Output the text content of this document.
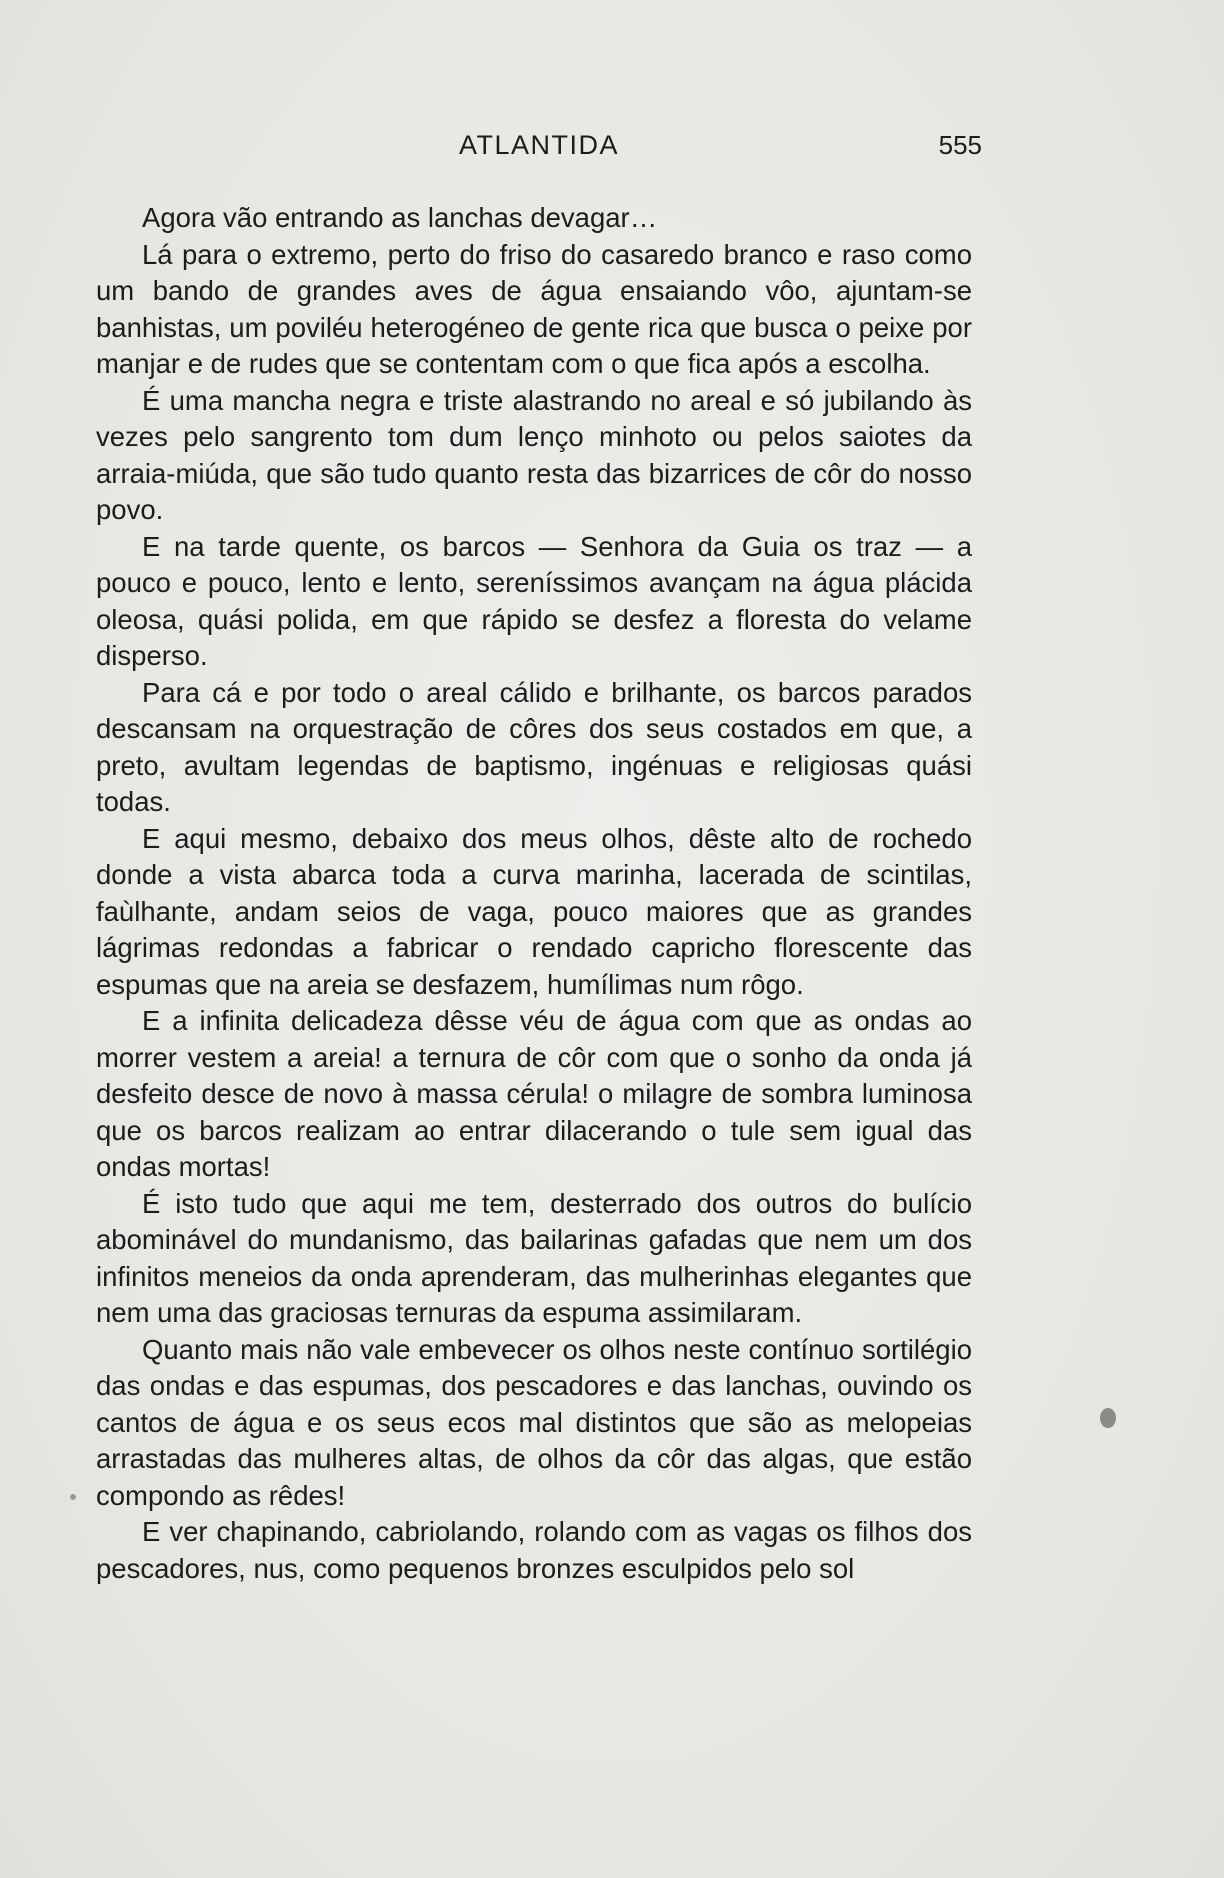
ATLANTIDA	555

Agora vão entrando as lanchas devagar…

Lá para o extremo, perto do friso do casaredo branco e raso como um bando de grandes aves de água ensaiando vôo, ajuntam-se banhistas, um poviléu heterogéneo de gente rica que busca o peixe por manjar e de rudes que se contentam com o que fica após a escolha.

É uma mancha negra e triste alastrando no areal e só jubilando às vezes pelo sangrento tom dum lenço minhoto ou pelos saiotes da arraia-miúda, que são tudo quanto resta das bizarrices de côr do nosso povo.

E na tarde quente, os barcos — Senhora da Guia os traz — a pouco e pouco, lento e lento, sereníssimos avançam na água plácida oleosa, quási polida, em que rápido se desfez a floresta do velame disperso.

Para cá e por todo o areal cálido e brilhante, os barcos parados descansam na orquestração de côres dos seus costados em que, a preto, avultam legendas de baptismo, ingénuas e religiosas quási todas.

E aqui mesmo, debaixo dos meus olhos, dêste alto de rochedo donde a vista abarca toda a curva marinha, lacerada de scintilas, faùlhante, andam seios de vaga, pouco maiores que as grandes lágrimas redondas a fabricar o rendado capricho florescente das espumas que na areia se desfazem, humílimas num rôgo.

E a infinita delicadeza dêsse véu de água com que as ondas ao morrer vestem a areia! a ternura de côr com que o sonho da onda já desfeito desce de novo à massa cérula! o milagre de sombra luminosa que os barcos realizam ao entrar dilacerando o tule sem igual das ondas mortas!

É isto tudo que aqui me tem, desterrado dos outros do bulício abominável do mundanismo, das bailarinas gafadas que nem um dos infinitos meneios da onda aprenderam, das mulherinhas elegantes que nem uma das graciosas ternuras da espuma assimilaram.

Quanto mais não vale embevecer os olhos neste contínuo sortilégio das ondas e das espumas, dos pescadores e das lanchas, ouvindo os cantos de água e os seus ecos mal distintos que são as melopeias arrastadas das mulheres altas, de olhos da côr das algas, que estão compondo as rêdes!

E ver chapinando, cabriolando, rolando com as vagas os filhos dos pescadores, nus, como pequenos bronzes esculpidos pelo sol
